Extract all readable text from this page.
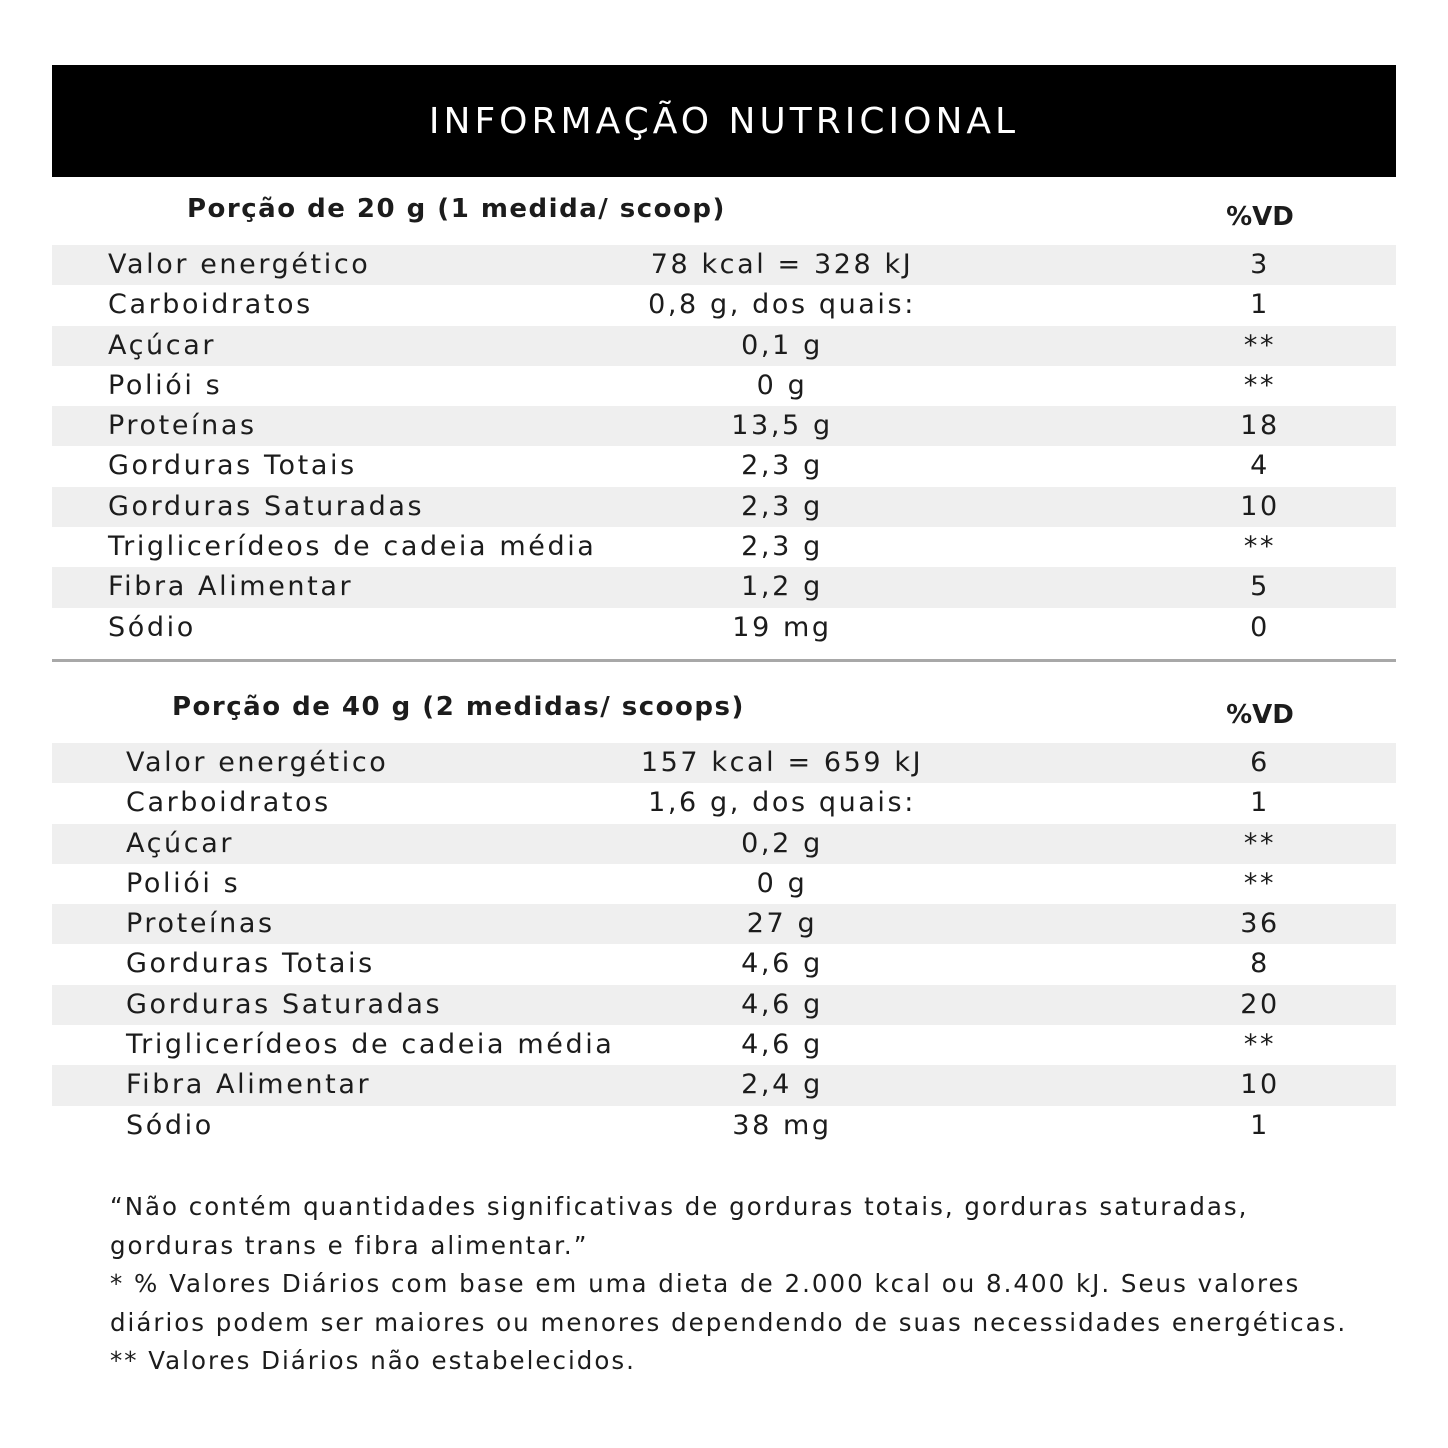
INFORMAÇÃO NUTRICIONAL
Porção de 20 g (1 medida/ scoop)	%VD
Valor energético	78 kcal = 328 kJ	3
Carboidratos	0,8 g, dos quais:	1
Açúcar	0,1 g	**
Poliói s	0 g	**
Proteínas	13,5 g	18
Gorduras Totais	2,3 g	4
Gorduras Saturadas	2,3 g	10
Triglicerídeos de cadeia média	2,3 g	**
Fibra Alimentar	1,2 g	5
Sódio	19 mg	0
Porção de 40 g (2 medidas/ scoops)	%VD
Valor energético	157 kcal = 659 kJ	6
Carboidratos	1,6 g, dos quais:	1
Açúcar	0,2 g	**
Poliói s	0 g	**
Proteínas	27 g	36
Gorduras Totais	4,6 g	8
Gorduras Saturadas	4,6 g	20
Triglicerídeos de cadeia média	4,6 g	**
Fibra Alimentar	2,4 g	10
Sódio	38 mg	1

“Não contém quantidades significativas de gorduras totais, gorduras saturadas, gorduras trans e fibra alimentar.”

* % Valores Diários com base em uma dieta de 2.000 kcal ou 8.400 kJ. Seus valores diários podem ser maiores ou menores dependendo de suas necessidades energéticas. ** Valores Diários não estabelecidos.
